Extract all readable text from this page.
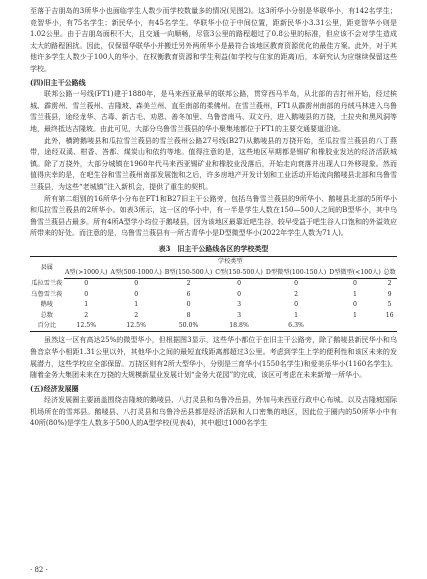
至落于吉朋岛的3所华小也面临学生人数少而学校数量多的情况(见图2)。这3所华小分别是华联华小，有142名学生；竞智华小，有75名学生；新民华小，有45名学生。华联华小位于中间位置，距新民华小3.31公里，距竞智华小则是1.02公里。由于吉朋岛面积不大，且交通一向顺畅，尽管3公里的路程超过了0.8公里的标准，但应该不会对学生造成太大的路程困扰。因此，仅保留华联华小并搬迁另外两所华小是最符合该地区教育资源优化的最佳方案。此外，对于其他许多学生人数少于100人的华小，在权衡教育资源和学生利益(如学校与住家的距离)后，本研究认为应继续保留这些学校。

(四)旧主干公路线

联邦公路一号线(FT1)建于1880年，是马来西亚最早的联邦公路，贯穿西马半岛，从北部的吉打州开始，经过槟城、霹雳州、雪兰莪州、吉隆坡、森美兰州、直至南部的柔佛州。在雪兰莪州，FT1从霹雳州南部的丹绒马林进入乌鲁雪兰莪县，途经龙华、古毒、新古毛、劝恩、善冬加里、乌鲁音南马、双文丹，进入鹅唛县的万挠，土拉央和黑风洞等地，最终抵达吉隆坡。由此可见，大部分乌鲁雪兰莪县的华小聚集地都位于FT1的主要交通要道沿途。

此外，横跨鹅唛县和瓜拉雪兰莪县的雪兰莪州公路27号线(B27)从鹅唛县的万挠开始，至瓜拉雪兰莪县的八丁燕带，途经双溪、柑香、峇都、煤炭山和依约等地。值得注意的是，这些地区早期都是锡矿和橡胶业发达的经济活跃城镇。除了万挠外，大部分城镇在1960年代马来西亚锡矿业和橡胶业没落后，开始走向衰落并出现人口外移现象。然而值得庆幸的是，在吧生谷和雪兰莪州南部发展饱和之后，许多房地产开发计划和工业活动开始流向鹅唛县北部和乌鲁雪兰莪县，为这些“老城镇”注入新机会，提供了重生的契机。

所有第二组别的16所华小分布在FT1和B27旧主干公路旁，包括乌鲁雪兰莪县的9所华小、鹅唛县北部的5所华小和瓜拉雪兰莪县的2所华小。如表3所示，这一区的华小中，有一半是学生人数在150—500人之间的B型华小，其中乌鲁雪兰莪县占最多。所有4所A型学小均位于鹅唛县，因为该地区最靠近吧生谷，较早受益于吧生谷人口饱和的外溢效应所带来的好处。而注意的是，乌鲁雪兰莪县有一所古青华小是D型微型华小(2022年学生人数为71人)。

表3　旧主干公路线各区的学校类型
县属	学校类型						
	A型(>1000人)	A型(500-1000人)	B型(150-500人)	C型(150-500人)	D型微型(100-150人)	D型微型(<100人)	总数
瓜拉雪兰莪	0	0	2	0	0	0	2
乌鲁雪兰莪	0	0	6	0	2	1	9
鹅唛	1	1	0	3	0	0	5
总数	2	2	8	3	1	1	16
百分比	12.5%	12.5%	50.0%	18.8%	6.3%		

虽然这一区有高达25%的微型华小，但根据图3显示，这些华小都位于在旧主干公路旁，除了鹅唛县新民华小和乌鲁音京华小相距1.31公里以外，其他华小之间的最短直线距离都超过3公里。考虑到学生上学的便利性和该区未来的发展潜力，这些学校应全部保留。万挠区则有2所大型华小，分别是三育华小(1550名学生)和爱美乐华小(1160名学生)。随着金务大集团未来在万挠的大规模新屋业发展计划“金务大花园”的完成，该区可考虑在未来新增一所华小。

(五)经济发展圈

经济发展圈主要涵盖围绕吉隆坡的鹅唛县、八打灵县和乌鲁冷岳县，外加马来西亚行政中心布城、以及吉隆坡国际机场所在的雪邦县。鹅唛县、八打灵县和乌鲁冷岳县都是经济活跃和人口密集的地区，因此位于圈内的50所华小中有40所(80%)是学生人数多于500人的A型学校(见表4)，其中超过1000名学生

· 82 ·
